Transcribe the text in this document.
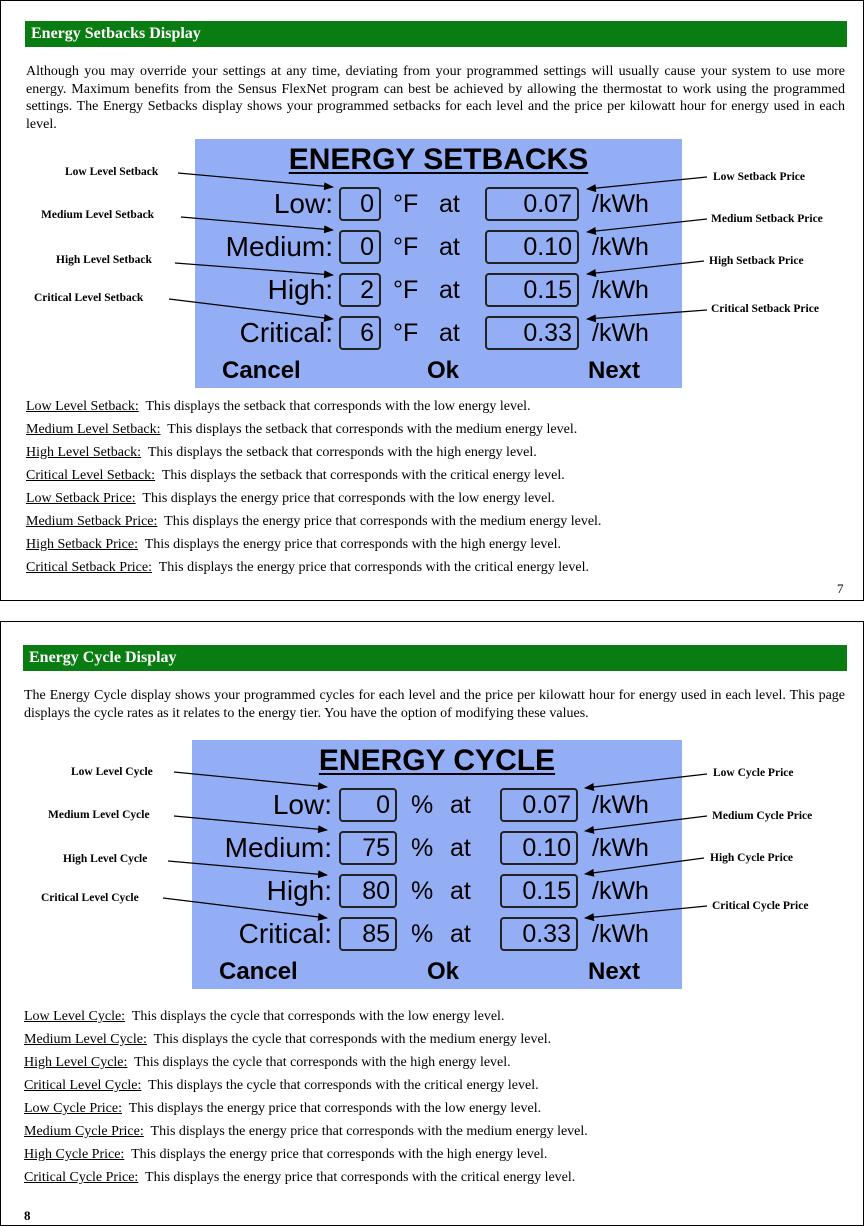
Energy Setbacks Display

Although you may override your settings at any time, deviating from your programmed settings will usually cause your system to use more energy. Maximum benefits from the Sensus FlexNet program can best be achieved by allowing the thermostat to work using the programmed settings. The Energy Setbacks display shows your programmed setbacks for each level and the price per kilowatt hour for energy used in each level.

ENERGY SETBACKS
Low:	0 °F at	0.07 /kWh
Medium:	0 °F at	0.10 /kWh
High:	2 °F at	0.15 /kWh
Critical:	6 °F at	0.33 /kWh
Cancel	Ok	Next
Low Level Setback
Medium Level Setback
High Level Setback
Critical Level Setback
Low Setback Price
Medium Setback Price
High Setback Price
Critical Setback Price
Low Level Setback: This displays the setback that corresponds with the low energy level.
Medium Level Setback: This displays the setback that corresponds with the medium energy level.
High Level Setback: This displays the setback that corresponds with the high energy level.
Critical Level Setback: This displays the setback that corresponds with the critical energy level.
Low Setback Price: This displays the energy price that corresponds with the low energy level.
Medium Setback Price: This displays the energy price that corresponds with the medium energy level.
High Setback Price: This displays the energy price that corresponds with the high energy level.
Critical Setback Price: This displays the energy price that corresponds with the critical energy level.
7
Energy Cycle Display

The Energy Cycle display shows your programmed cycles for each level and the price per kilowatt hour for energy used in each level. This page displays the cycle rates as it relates to the energy tier. You have the option of modifying these values.

ENERGY CYCLE
Low:	0 % at	0.07 /kWh
Medium:	75 % at	0.10 /kWh
High:	80 % at	0.15 /kWh
Critical:	85 % at	0.33 /kWh
Cancel	Ok	Next
Low Level Cycle
Medium Level Cycle
High Level Cycle
Critical Level Cycle
Low Cycle Price
Medium Cycle Price
High Cycle Price
Critical Cycle Price
Low Level Cycle: This displays the cycle that corresponds with the low energy level.
Medium Level Cycle: This displays the cycle that corresponds with the medium energy level.
High Level Cycle: This displays the cycle that corresponds with the high energy level.
Critical Level Cycle: This displays the cycle that corresponds with the critical energy level.
Low Cycle Price: This displays the energy price that corresponds with the low energy level.
Medium Cycle Price: This displays the energy price that corresponds with the medium energy level.
High Cycle Price: This displays the energy price that corresponds with the high energy level.
Critical Cycle Price: This displays the energy price that corresponds with the critical energy level.
8
